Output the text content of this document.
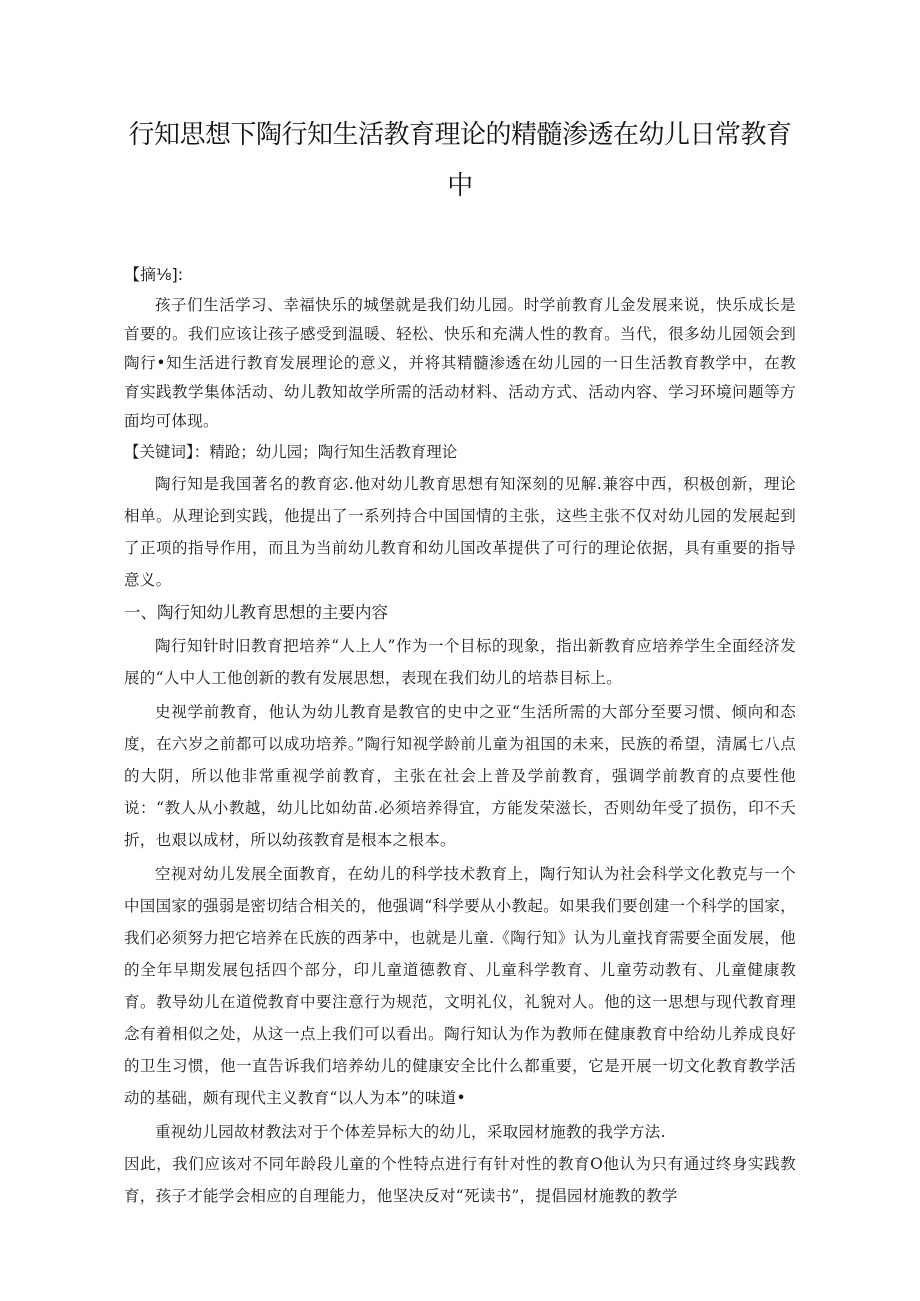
行知思想下陶行知生活教育理论的精髓渗透在幼儿日常教育
中
【摘⅛]:

孩子们生活学习、幸福快乐的城堡就是我们幼儿园。时学前教育儿金发展来说，快乐成长是首要的。我们应该让孩子感受到温暖、轻松、快乐和充满人性的教育。当代，很多幼儿园领会到陶行•知生活进行教育发展理论的意义，并将其精髓渗透在幼儿园的一日生活教育教学中，在教育实践教学集体活动、幼儿教知故学所需的活动材料、活动方式、活动内容、学习环境问题等方面均可体现。

【关键词】：精跄；幼儿园；陶行知生活教育理论

陶行知是我国著名的教育宓.他对幼儿教育思想有知深刻的见解.兼容中西，积极创新，理论相单。从理论到实践，他提出了一系列持合中国国情的主张，这些主张不仅对幼儿园的发展起到了正项的指导作用，而且为当前幼儿教育和幼儿国改革提供了可行的理论依据，具有重要的指导意义。

一、陶行知幼儿教育思想的主要内容

陶行知针时旧教育把培养“人上人”作为一个目标的现象，指出新教育应培养学生全面经济发展的“人中人工他创新的教有发展思想，表现在我们幼儿的培恭目标上。

史视学前教育，他认为幼儿教育是教官的史中之亚“生活所需的大部分至要习惯、倾向和态度，在六岁之前都可以成功培养。”陶行知视学龄前儿童为祖国的未来，民族的希望，清属七八点的大阴，所以他非常重视学前教育，主张在社会上普及学前教育，强调学前教育的点要性他说：“教人从小教越，幼儿比如幼苗.必须培养得宜，方能发荣滋长，否则幼年受了损伤，印不夭折，也艰以成材，所以幼孩教育是根本之根本。

空视对幼儿发展全面教育，在幼儿的科学技术教育上，陶行知认为社会科学文化教克与一个中国国家的强弱是密切结合相关的，他强调“科学要从小教起。如果我们要创建一个科学的国家，我们必须努力把它培养在氏族的西茅中，也就是儿童.《陶行知》认为儿童找育需要全面发展，他的全年早期发展包括四个部分，印儿童道德教育、儿童科学教育、儿童劳动教有、儿童健康教育。教导幼儿在道傥教育中要注意行为规范，文明礼仪，礼貌对人。他的这一思想与现代教育理念有着相似之处，从这一点上我们可以看出。陶行知认为作为教师在健康教育中给幼儿养成良好的卫生习惯，他一直告诉我们培养幼儿的健康安全比什么都重要，它是开展一切文化教育教学活动的基础，颇有现代主义教育“以人为本”的味道•

重视幼儿园故材教法对于个体差异标大的幼儿，采取园材施教的我学方法.

因此，我们应该对不同年龄段儿童的个性特点进行有针对性的教育O他认为只有通过终身实践教育，孩子才能学会相应的自理能力，他坚决反对“死读书”，提倡园材施教的教学
